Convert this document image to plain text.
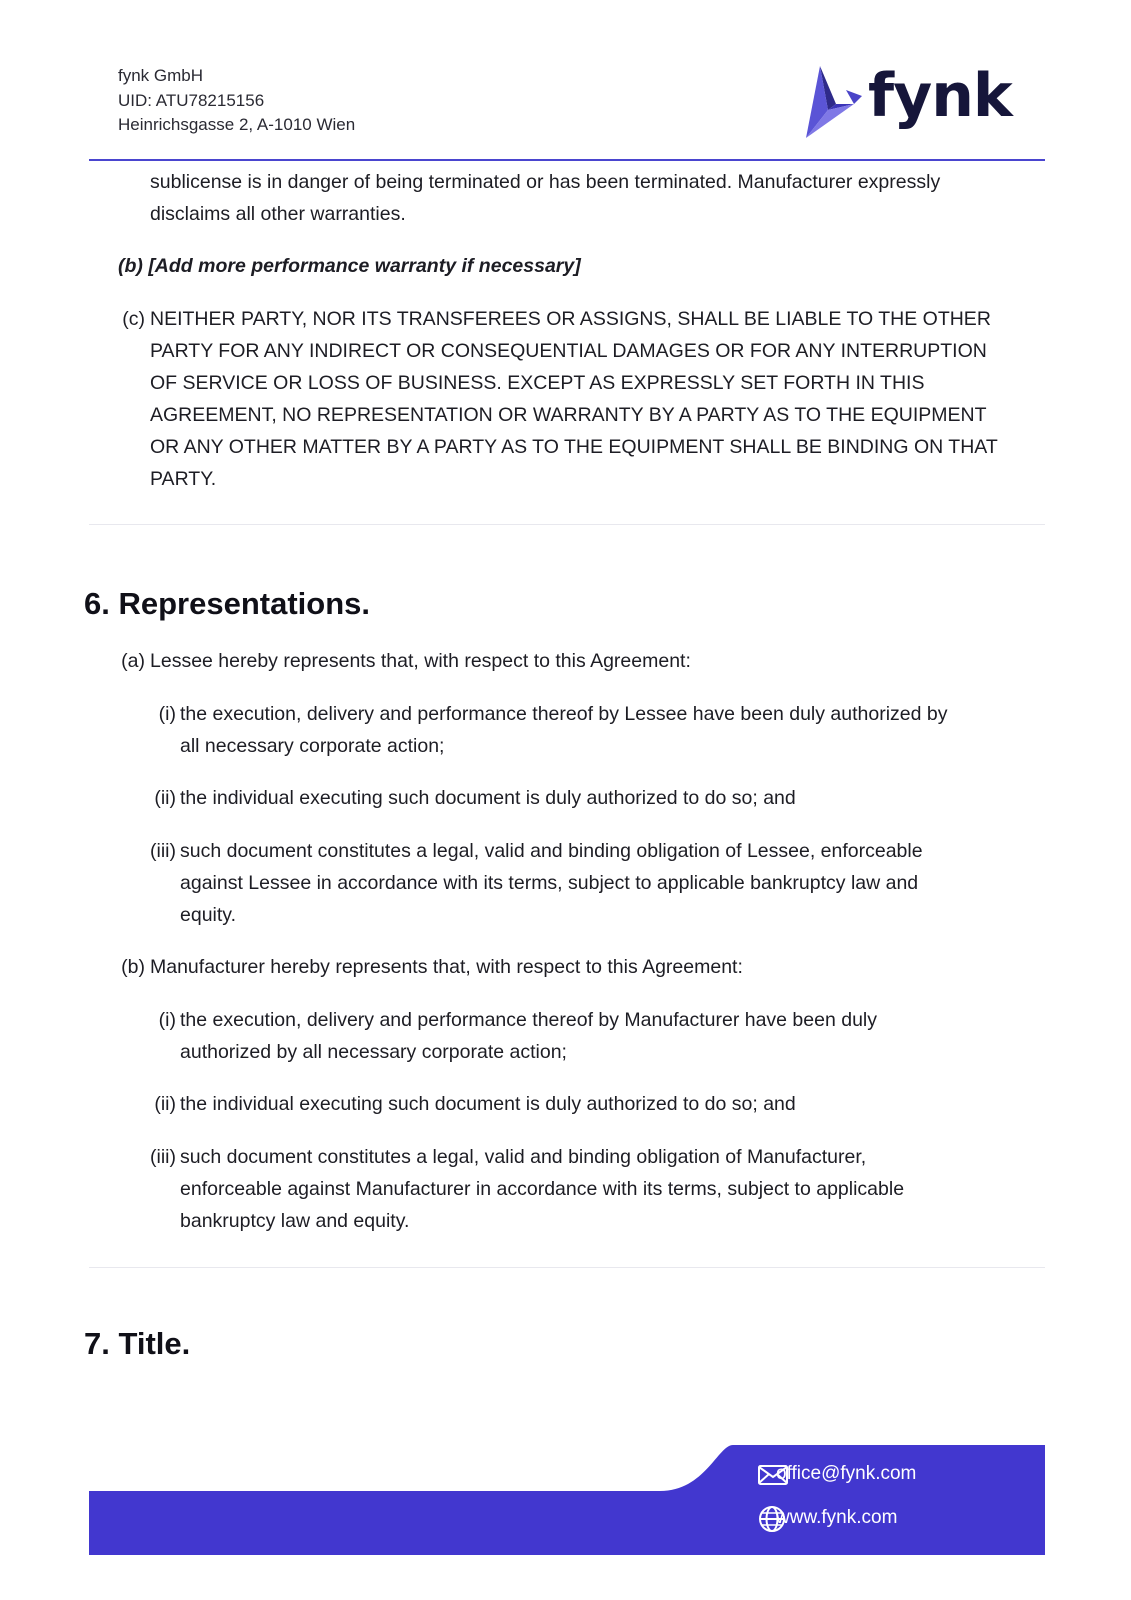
fynk GmbH
UID: ATU78215156
Heinrichsgasse 2, A-1010 Wien	fynk
sublicense is in danger of being terminated or has been terminated. Manufacturer expressly
disclaims all other warranties.
(b) [Add more performance warranty if necessary]
(c) NEITHER PARTY, NOR ITS TRANSFEREES OR ASSIGNS, SHALL BE LIABLE TO THE OTHER
PARTY FOR ANY INDIRECT OR CONSEQUENTIAL DAMAGES OR FOR ANY INTERRUPTION
OF SERVICE OR LOSS OF BUSINESS. EXCEPT AS EXPRESSLY SET FORTH IN THIS
AGREEMENT, NO REPRESENTATION OR WARRANTY BY A PARTY AS TO THE EQUIPMENT
OR ANY OTHER MATTER BY A PARTY AS TO THE EQUIPMENT SHALL BE BINDING ON THAT
PARTY.
6. Representations.
(a) Lessee hereby represents that, with respect to this Agreement:
(i) the execution, delivery and performance thereof by Lessee have been duly authorized by
all necessary corporate action;
(ii) the individual executing such document is duly authorized to do so; and
(iii) such document constitutes a legal, valid and binding obligation of Lessee, enforceable
against Lessee in accordance with its terms, subject to applicable bankruptcy law and
equity.
(b) Manufacturer hereby represents that, with respect to this Agreement:
(i) the execution, delivery and performance thereof by Manufacturer have been duly
authorized by all necessary corporate action;
(ii) the individual executing such document is duly authorized to do so; and
(iii) such document constitutes a legal, valid and binding obligation of Manufacturer,
enforceable against Manufacturer in accordance with its terms, subject to applicable
bankruptcy law and equity.
7. Title.
office@fynk.com
www.fynk.com
